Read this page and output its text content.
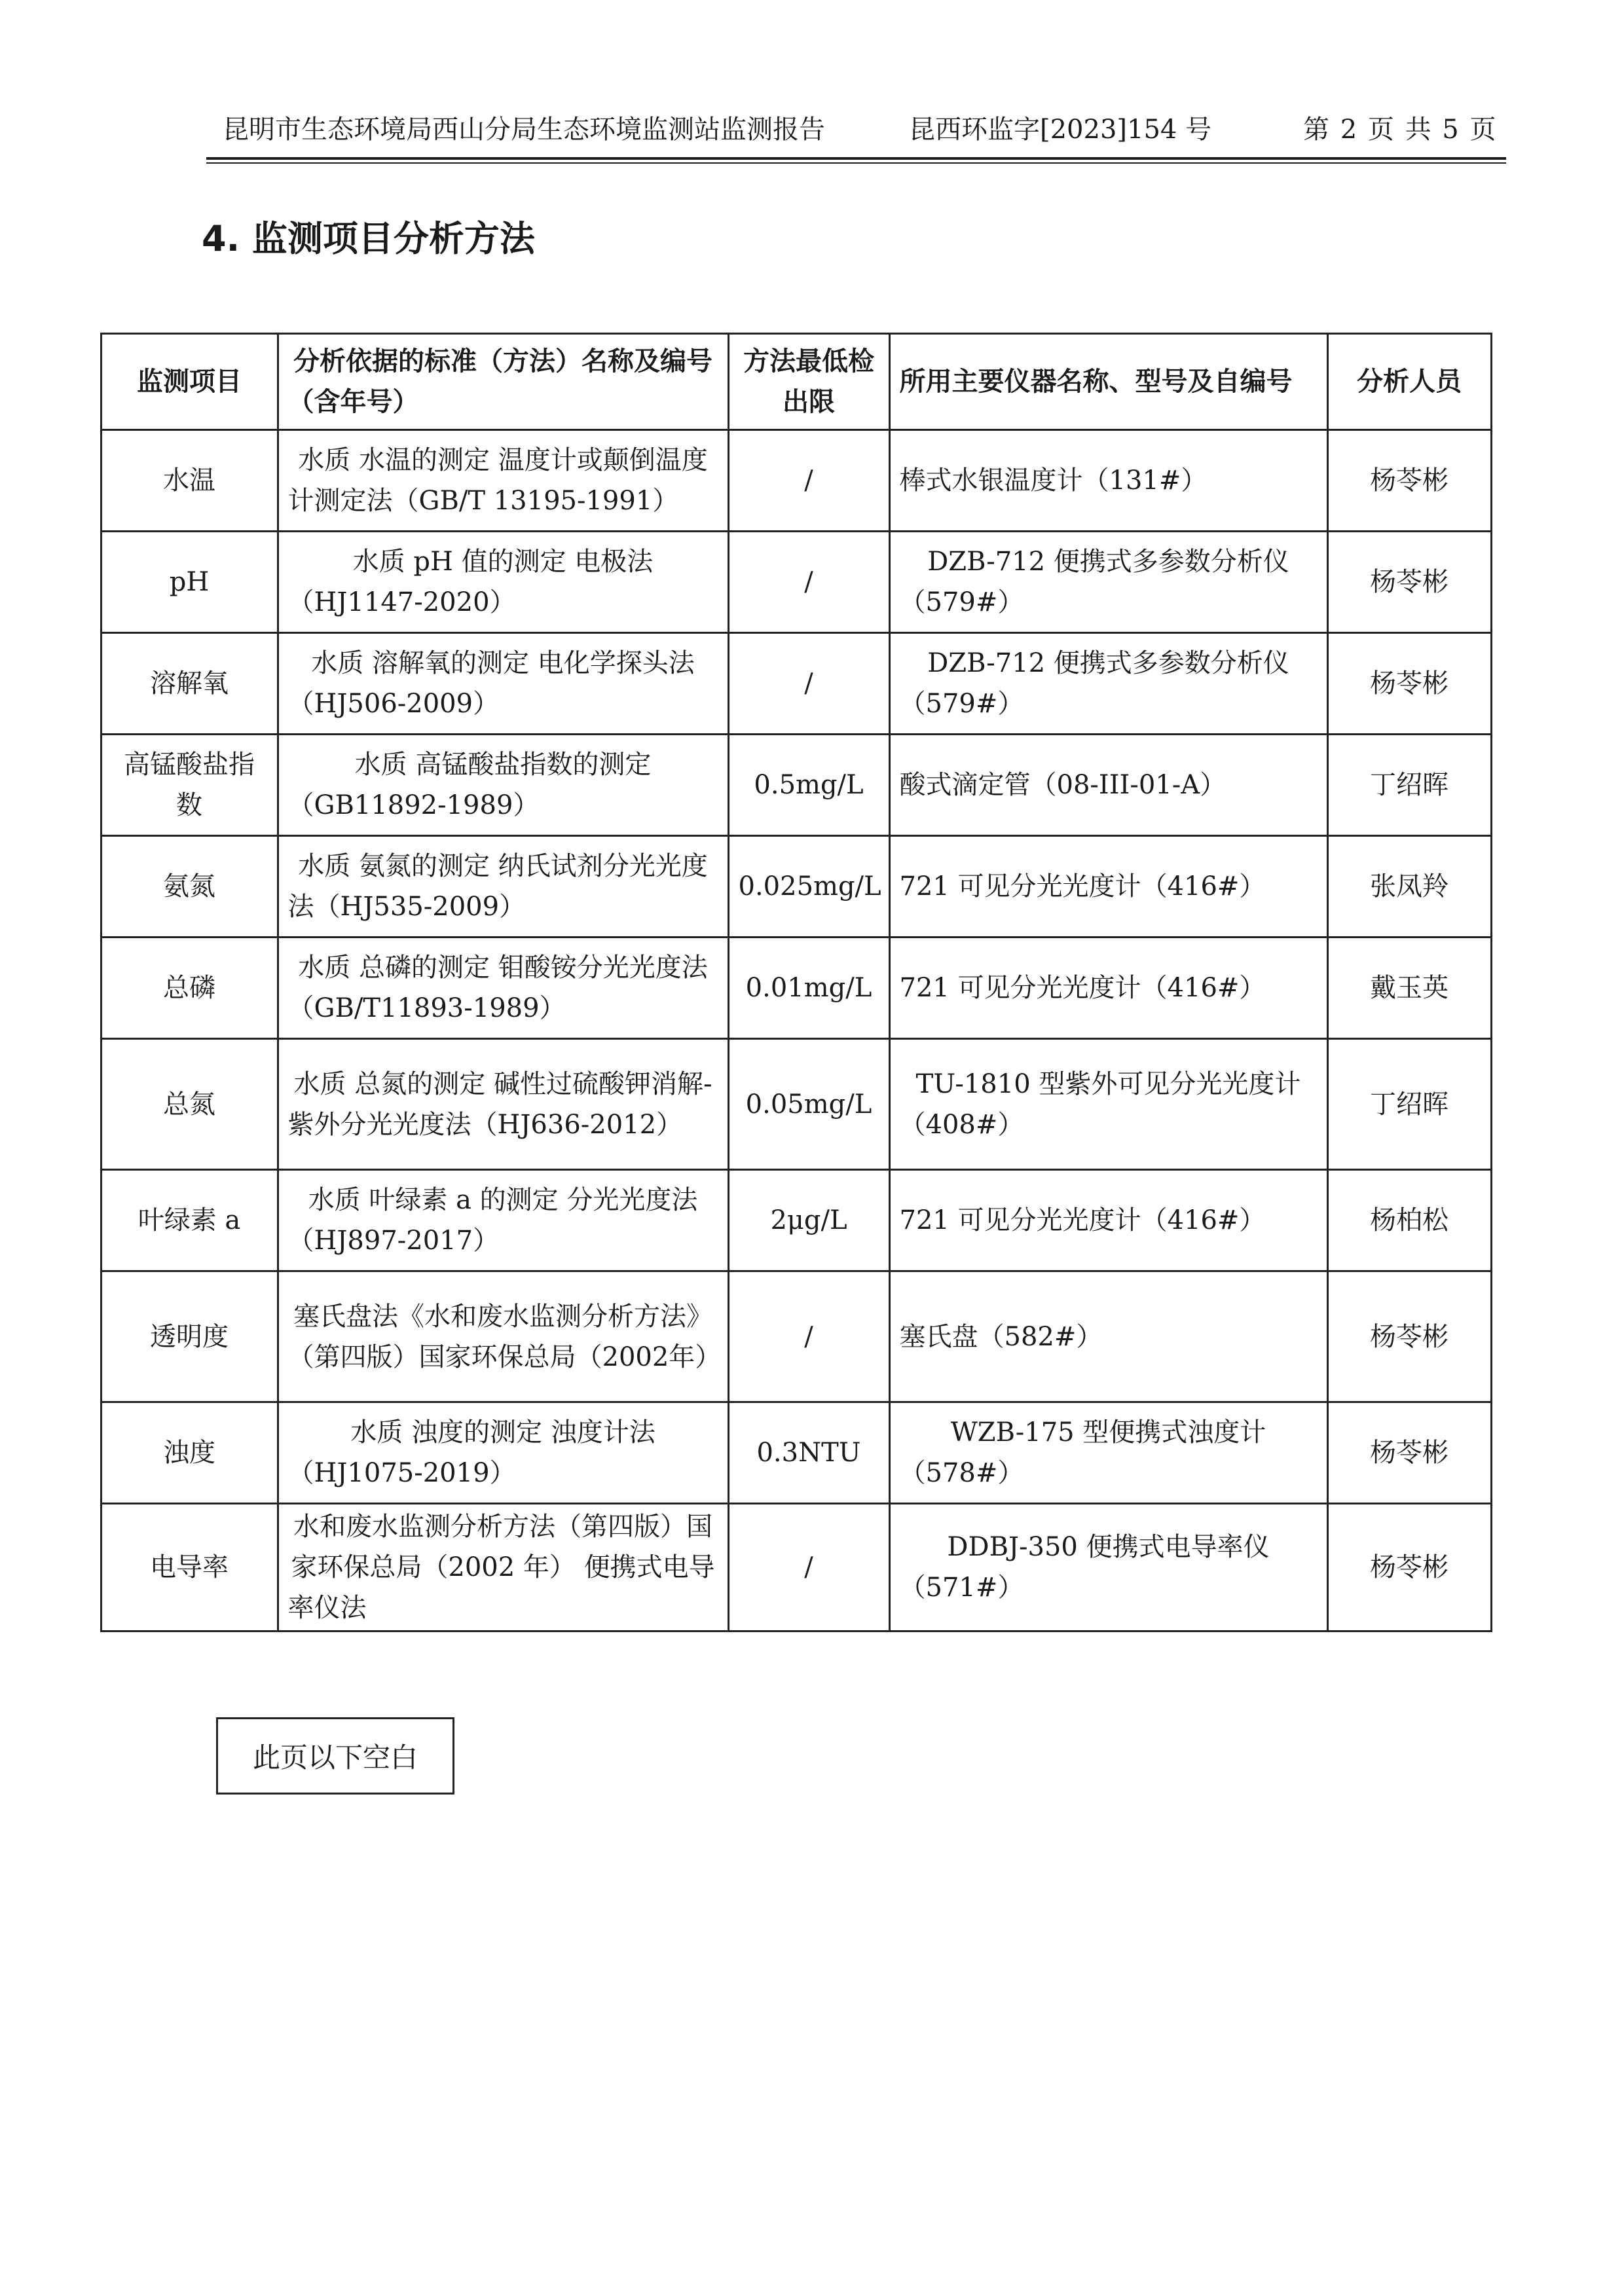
昆明市生态环境局西山分局生态环境监测站监测报告	昆西环监字[2023]154 号	第 2 页 共 5 页
4. 监测项目分析方法
	监测项目	分析依据的标准（方法）名称及编号（含年号）	方法最低检出限	所用主要仪器名称、型号及自编号	分析人员	
	水温	水质 水温的测定 温度计或颠倒温度计测定法（GB/T 13195-1991）	/	棒式水银温度计（131#）	杨苓彬	
	pH	水质 pH 值的测定 电极法（HJ1147-2020）	/	DZB-712 便携式多参数分析仪（579#）	杨苓彬	
	溶解氧	水质 溶解氧的测定 电化学探头法（HJ506-2009）	/	DZB-712 便携式多参数分析仪（579#）	杨苓彬	
	高锰酸盐指数	水质 高锰酸盐指数的测定（GB11892-1989）	0.5mg/L	酸式滴定管（08-III-01-A）	丁绍晖	
	氨氮	水质 氨氮的测定 纳氏试剂分光光度法（HJ535-2009）	0.025mg/L	721 可见分光光度计（416#）	张凤羚	
	总磷	水质 总磷的测定 钼酸铵分光光度法（GB/T11893-1989）	0.01mg/L	721 可见分光光度计（416#）	戴玉英	
	总氮	水质 总氮的测定 碱性过硫酸钾消解-紫外分光光度法（HJ636-2012）	0.05mg/L	TU-1810 型紫外可见分光光度计（408#）	丁绍晖	
	叶绿素 a	水质 叶绿素 a 的测定 分光光度法（HJ897-2017）	2μg/L	721 可见分光光度计（416#）	杨柏松	
	透明度	塞氏盘法《水和废水监测分析方法》（第四版）国家环保总局（2002年）	/	塞氏盘（582#）	杨苓彬	
	浊度	水质 浊度的测定 浊度计法（HJ1075-2019）	0.3NTU	WZB-175 型便携式浊度计（578#）	杨苓彬	
	电导率	水和废水监测分析方法（第四版）国家环保总局（2002 年） 便携式电导率仪法	/	DDBJ-350 便携式电导率仪（571#）	杨苓彬	
此页以下空白
